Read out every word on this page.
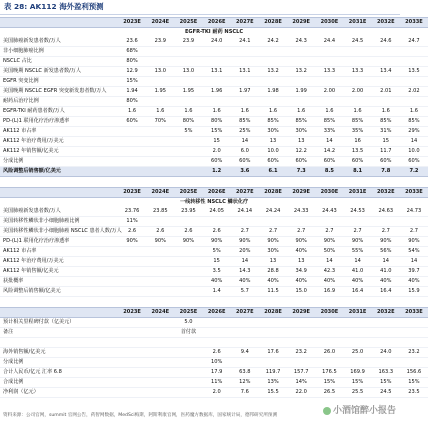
表 28: AK112 海外盈利预测
	2023E	2024E	2025E	2026E	2027E	2028E	2029E	2030E	2031E	2032E	2033E
EGFR-TKI 耐药 NSCLC											
美国肺癌新发患者数/万人	23.6	23.9	23.9	24.0	24.1	24.2	24.3	24.4	24.5	24.6	24.7
非小细胞肺癌比例	68%										
NSCLC 占比	80%										
美国晚期 NSCLC 新发患者数/万人	12.9	13.0	13.0	13.1	13.1	13.2	13.2	13.3	13.3	13.4	13.5
EGFR 突变比例	15%										
美国晚期 NSCLC EGFR 突变新发患者数/万人	1.94	1.95	1.95	1.96	1.97	1.98	1.99	2.00	2.00	2.01	2.02
耐药后治疗比例	80%										
EGFR-TKI 耐药患者数/万人	1.6	1.6	1.6	1.6	1.6	1.6	1.6	1.6	1.6	1.6	1.6
PD-(L)1 联用化疗治疗渗透率	60%	70%	80%	80%	85%	85%	85%	85%	85%	85%	85%
AK112 市占率			5%	15%	25%	30%	30%	33%	35%	31%	29%
AK112 年治疗费用/万美元				15	14	13	13	14	16	15	14
AK112 年销售额/亿美元				2.0	6.0	10.0	12.2	14.2	13.5	11.7	10.0
分成比例				60%	60%	60%	60%	60%	60%	60%	60%
风险调整后销售额/亿美元				1.2	3.6	6.1	7.3	8.5	8.1	7.8	7.2
	2023E	2024E	2025E	2026E	2027E	2028E	2029E	2030E	2031E	2032E	2033E
一线转移性 NSCLC 鳞状化疗											
美国肺癌新发患者数/万人	23.76	23.85	23.95	24.05	24.14	24.24	24.33	24.43	24.53	24.63	24.73
美国转移性鳞状非小细胞肺癌比例	11%										
美国转移性鳞状非小细胞肺癌 NSCLC 患者人数/万人	2.6	2.6	2.6	2.6	2.7	2.7	2.7	2.7	2.7	2.7	2.7
PD-(L)1 联用化疗治疗渗透率	90%	90%	90%	90%	90%	90%	90%	90%	90%	90%	90%
AK112 市占率				5%	20%	30%	40%	50%	55%	56%	54%
AK112 年治疗费用/万美元				15	14	13	13	14	14	14	14
AK112 年销售额/亿美元				3.5	14.3	28.8	34.9	42.3	41.0	41.0	39.7
获批概率				40%	40%	40%	40%	40%	40%	40%	40%
风险调整后销售额/亿美元				1.4	5.7	11.5	15.0	16.9	16.4	16.4	15.9
	2023E	2024E	2025E	2026E	2027E	2028E	2029E	2030E	2031E	2032E	2033E
预计相关里程碑付款（亿美元）			5.0								
备注			首付款								

海外销售额/亿美元				2.6	9.4	17.6	23.2	26.0	25.0	24.0	23.2
分成比例				10%							
合计人民币/亿元 汇率 6.8				17.9	63.8	119.7	157.7	176.5	169.9	163.3	156.6
合成比例				11%	12%	13%	14%	15%	15%	15%	15%
净利润（亿元）				2.0	7.6	15.5	22.0	26.5	25.5	24.5	23.5
资料来源：公司官网，summit 官网公告，药智网数据，MedSci梅斯，阿斯利康官网，医药魔方数据库，国家统计局，德邦研究所预测	小酒馆醉小报告
